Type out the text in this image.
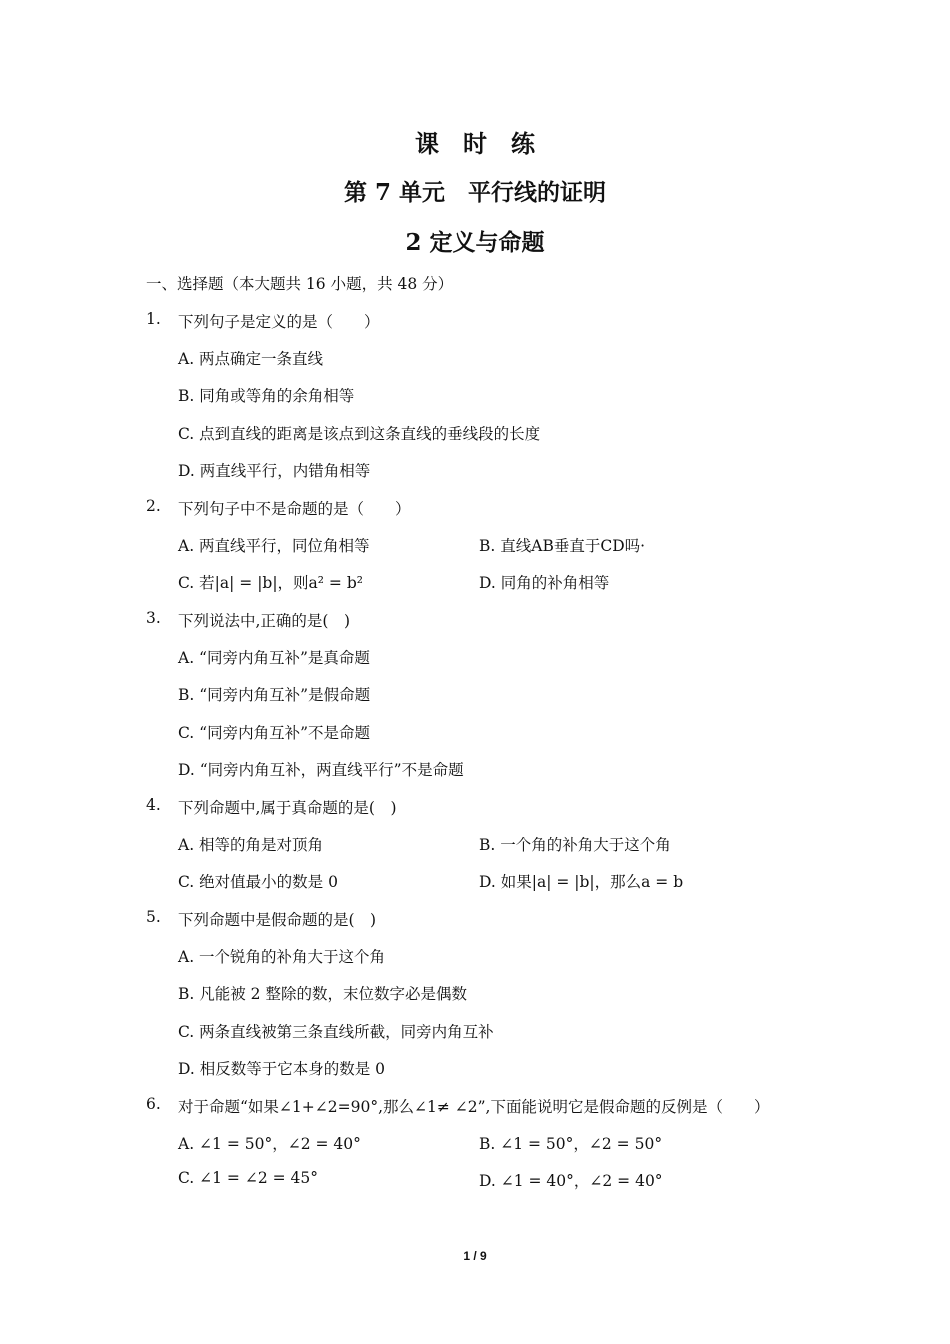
课时练
第 7 单元　平行线的证明
2 定义与命题
一、选择题（本大题共 16 小题，共 48 分）
1. 下列句子是定义的是（　　）
A. 两点确定一条直线
B. 同角或等角的余角相等
C. 点到直线的距离是该点到这条直线的垂线段的长度
D. 两直线平行，内错角相等
2. 下列句子中不是命题的是（　　）
A. 两直线平行，同位角相等	B. 直线AB垂直于CD吗·
C. 若|a| = |b|，则a² = b²	D. 同角的补角相等
3. 下列说法中,正确的是(　)
A. “同旁内角互补”是真命题
B. “同旁内角互补”是假命题
C. “同旁内角互补”不是命题
D. “同旁内角互补，两直线平行”不是命题
4. 下列命题中,属于真命题的是(　)
A. 相等的角是对顶角	B. 一个角的补角大于这个角
C. 绝对值最小的数是 0	D. 如果|a| = |b|，那么a = b
5. 下列命题中是假命题的是(　)
A. 一个锐角的补角大于这个角
B. 凡能被 2 整除的数，末位数字必是偶数
C. 两条直线被第三条直线所截，同旁内角互补
D. 相反数等于它本身的数是 0
6. 对于命题“如果∠1+∠2=90°,那么∠1≠ ∠2”,下面能说明它是假命题的反例是（　　）
A. ∠1 = 50°，∠2 = 40°	B. ∠1 = 50°，∠2 = 50°
C. ∠1 = ∠2 = 45°	D. ∠1 = 40°，∠2 = 40°
1 / 9
